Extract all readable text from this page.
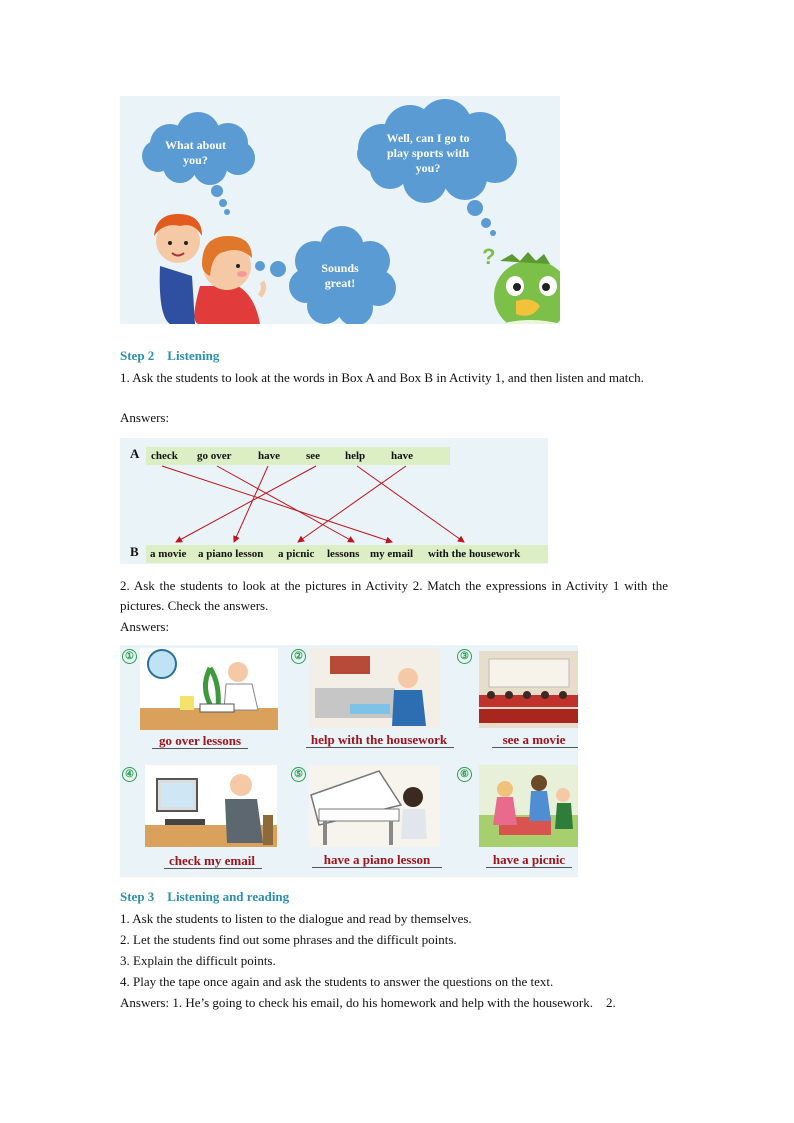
?
What about you?
Well, can I go to play sports with you?
Sounds great!
Step 2    Listening
1. Ask the students to look at the words in Box A and Box B in Activity 1, and then listen and match.
Answers:
A
B
check go over have see help have
a movie a piano lesson a picnic lessons my email with the housework
2. Ask the students to look at the pictures in Activity 2. Match the expressions in Activity 1 with the pictures. Check the answers.
Answers:
①
go over lessons
②
help with the housework
③
see a movie
④
check my email
⑤
have a piano lesson
⑥
have a picnic
Step 3    Listening and reading
1. Ask the students to listen to the dialogue and read by themselves.
2. Let the students find out some phrases and the difficult points.
3. Explain the difficult points.
4. Play the tape once again and ask the students to answer the questions on the text.
Answers: 1. He’s going to check his email, do his homework and help with the housework.    2.
